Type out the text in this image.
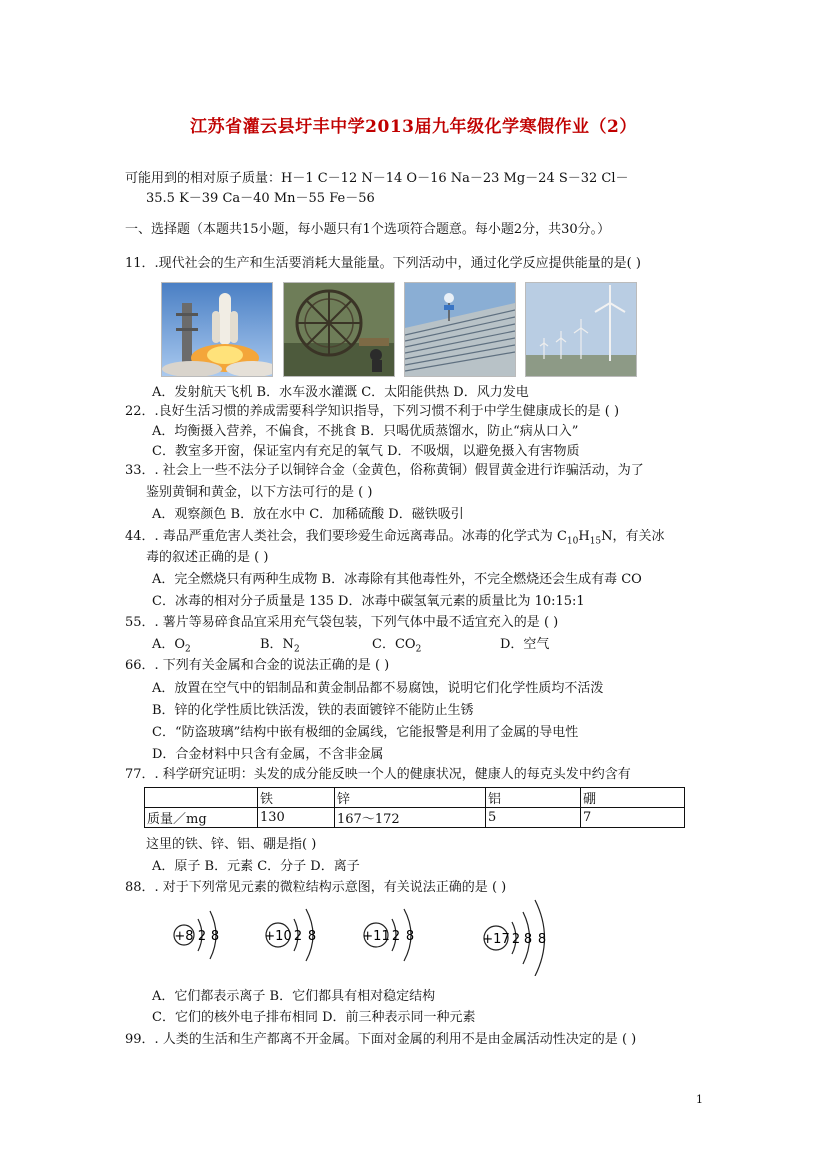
江苏省灌云县圩丰中学2013届九年级化学寒假作业（2）
可能用到的相对原子质量：H－1 C－12 N－14 O－16 Na－23 Mg－24 S－32 Cl－
35.5 K－39 Ca－40 Mn－55 Fe－56
一、选择题（本题共15小题，每小题只有1个选项符合题意。每小题2分，共30分。）
11．.现代社会的生产和生活要消耗大量能量。下列活动中，通过化学反应提供能量的是( )
A．发射航天飞机 B．水车汲水灌溉 C．太阳能供热 D．风力发电
22．.良好生活习惯的养成需要科学知识指导，下列习惯不利于中学生健康成长的是 ( )
A．均衡摄入营养，不偏食，不挑食 B．只喝优质蒸馏水，防止“病从口入”
C．教室多开窗，保证室内有充足的氧气 D．不吸烟，以避免摄入有害物质
33．. 社会上一些不法分子以铜锌合金（金黄色，俗称黄铜）假冒黄金进行诈骗活动，为了
鉴别黄铜和黄金，以下方法可行的是 ( )
A．观察颜色 B．放在水中 C．加稀硫酸 D．磁铁吸引
44．. 毒品严重危害人类社会，我们要珍爱生命远离毒品。冰毒的化学式为 $C_{10}H_{15}N$，有关冰
毒的叙述正确的是 ( )
A．完全燃烧只有两种生成物 B．冰毒除有其他毒性外，不完全燃烧还会生成有毒 CO
C．冰毒的相对分子质量是 135 D．冰毒中碳氢氧元素的质量比为 10:15:1
55．. 薯片等易碎食品宜采用充气袋包装，下列气体中最不适宜充入的是 ( )
A．$O_2$	B．$N_2$	C．$CO_2$	D．空气
66．. 下列有关金属和合金的说法正确的是 ( )
A．放置在空气中的铝制品和黄金制品都不易腐蚀，说明它们化学性质均不活泼
B．锌的化学性质比铁活泼，铁的表面镀锌不能防止生锈
C．“防盗玻璃”结构中嵌有极细的金属线，它能报警是利用了金属的导电性
D．合金材料中只含有金属，不含非金属
77．. 科学研究证明：头发的成分能反映一个人的健康状况，健康人的每克头发中约含有
	铁	锌	铝	硼
质量／mg	130	167～172	5	7
这里的铁、锌、铝、硼是指( )
A．原子 B．元素 C．分子 D．离子
88．. 对于下列常见元素的微粒结构示意图，有关说法正确的是 ( )
+8 2 8	+10 2 8	+11 2 8	+17 2 8 8
A．它们都表示离子 B．它们都具有相对稳定结构
C．它们的核外电子排布相同 D．前三种表示同一种元素
99．. 人类的生活和生产都离不开金属。下面对金属的利用不是由金属活动性决定的是 ( )
1
